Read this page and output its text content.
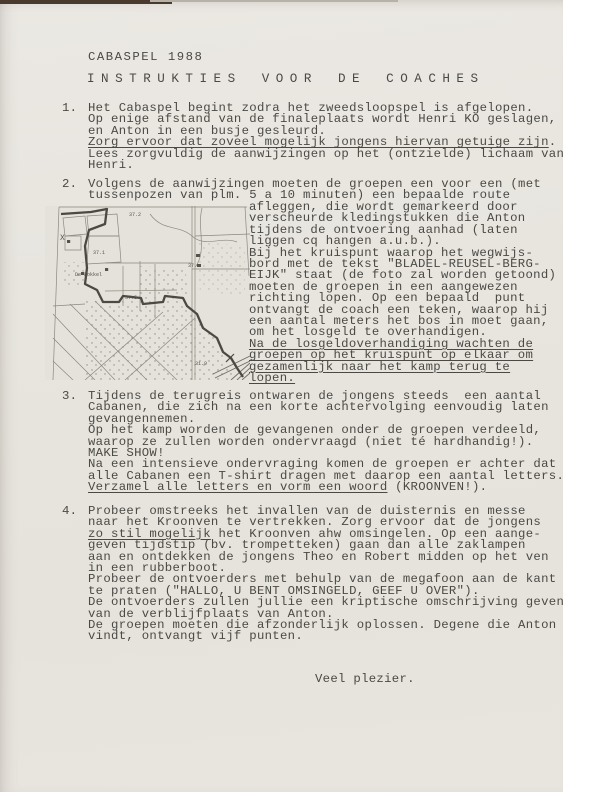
CABASPEL 1988
INSTRUKTIES VOOR DE COACHES
1. Het Cabaspel begint zodra het zweedsloopspel is afgelopen.
Op enige afstand van de finaleplaats wordt Henri KO geslagen,
en Anton in een busje gesleurd.
Zorg ervoor dat zoveel mogelijk jongens hiervan getuige zijn.
Lees zorgvuldig de aanwijzingen op het (ontzielde) lichaam van
Henri.
2. Volgens de aanwijzingen moeten de groepen een voor een (met
tussenpozen van plm. 5 a 10 minuten) een bepaalde route
37.2
37.1
De Bokkel
37.5
37.
31.9
X
afleggen, die wordt gemarkeerd door
verscheurde kledingstukken die Anton
tijdens de ontvoering aanhad (laten
liggen cq hangen a.u.b.).
Bij het kruispunt waarop het wegwijs-
bord met de tekst "BLADEL-REUSEL-BERG-
EIJK" staat (de foto zal worden getoond)
moeten de groepen in een aangewezen
richting lopen. Op een bepaald  punt
ontvangt de coach een teken, waarop hij
een aantal meters het bos in moet gaan,
om het losgeld te overhandigen.
Na de losgeldoverhandiging wachten de
groepen op het kruispunt op elkaar om
gezamenlijk naar het kamp terug te
lopen.
3. Tijdens de terugreis ontwaren de jongens steeds  een aantal
Cabanen, die zich na een korte achtervolging eenvoudig laten
gevangennemen.
Op het kamp worden de gevangenen onder de groepen verdeeld,
waarop ze zullen worden ondervraagd (niet té hardhandig!).
MAKE SHOW!
Na een intensieve ondervraging komen de groepen er achter dat
alle Cabanen een T-shirt dragen met daarop een aantal letters.
Verzamel alle letters en vorm een woord (KROONVEN!).
4. Probeer omstreeks het invallen van de duisternis en messe
naar het Kroonven te vertrekken. Zorg ervoor dat de jongens
zo stil mogelijk het Kroonven ahw omsingelen. Op een aange-
geven tijdstip (bv. trompetteken) gaan dan alle zaklampen
aan en ontdekken de jongens Theo en Robert midden op het ven
in een rubberboot.
Probeer de ontvoerders met behulp van de megafoon aan de kant
te praten ("HALLO, U BENT OMSINGELD, GEEF U OVER").
De ontvoerders zullen jullie een kriptische omschrijving geven
van de verblijfplaats van Anton.
De groepen moeten die afzonderlijk oplossen. Degene die Anton
vindt, ontvangt vijf punten.
Veel plezier.
